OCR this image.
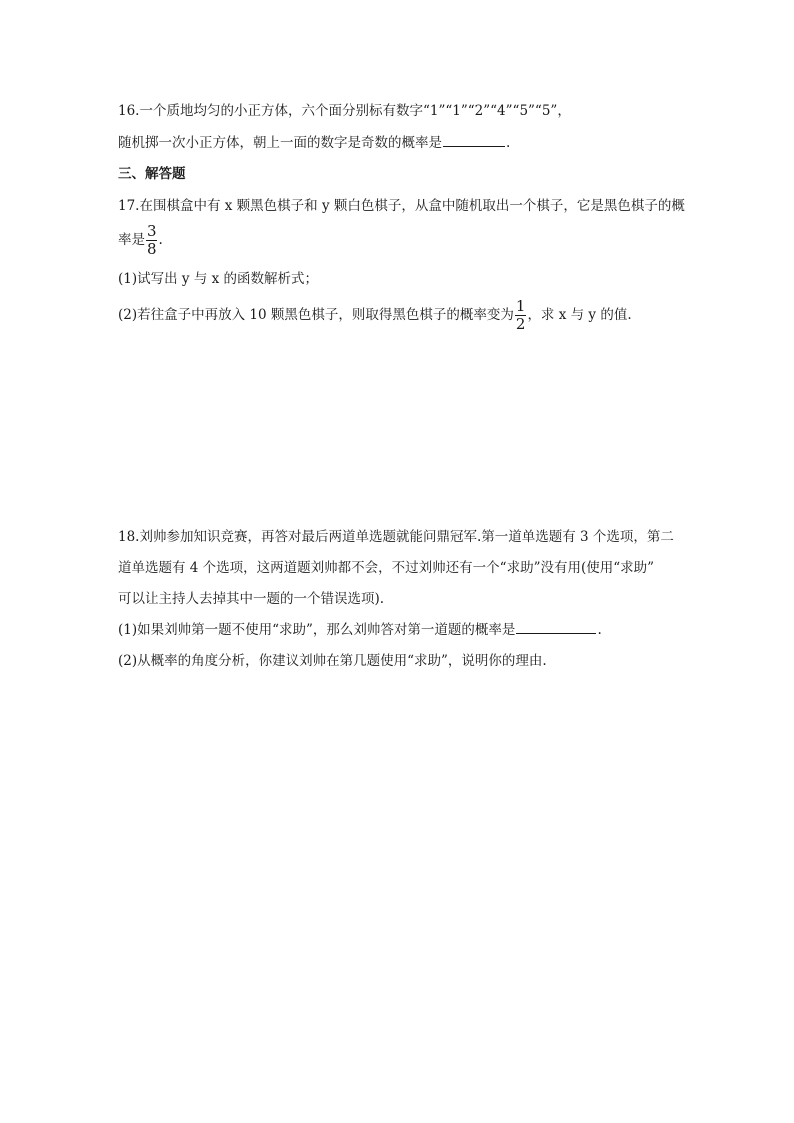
16.一个质地均匀的小正方体，六个面分别标有数字“1”“1”“2”“4”“5”“5”，
随机掷一次小正方体，朝上一面的数字是奇数的概率是	.
三、解答题
17.在围棋盒中有 x 颗黑色棋子和 y 颗白色棋子，从盒中随机取出一个棋子，它是黑色棋子的概
率是 $\frac{3}{8}$ .
(1)试写出 y 与 x 的函数解析式；
(2)若往盒子中再放入 10 颗黑色棋子，则取得黑色棋子的概率变为 $\frac{1}{2}$ ，求 x 与 y 的值.
18.刘帅参加知识竞赛，再答对最后两道单选题就能问鼎冠军.第一道单选题有 3 个选项，第二
道单选题有 4 个选项，这两道题刘帅都不会，不过刘帅还有一个“求助”没有用(使用“求助”
可以让主持人去掉其中一题的一个错误选项).
(1)如果刘帅第一题不使用“求助”，那么刘帅答对第一道题的概率是	.
(2)从概率的角度分析，你建议刘帅在第几题使用“求助”，说明你的理由.
